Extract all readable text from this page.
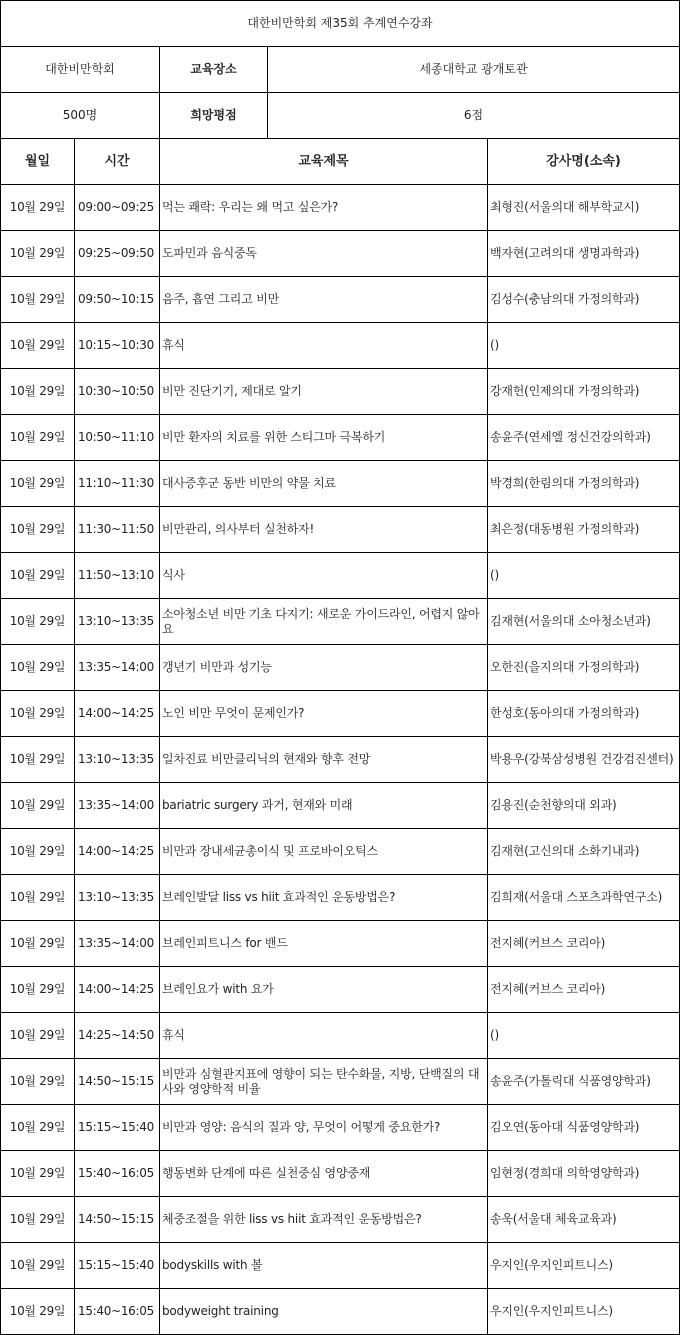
대한비만학회 제35회 추계연수강좌				
대한비만학회		교육장소	세종대학교 광개토관	
500명		희망평점	6점	
월일	시간	교육제목		강사명(소속)
10월 29일	09:00~09:25	먹는 쾌락: 우리는 왜 먹고 싶은가?		최형진(서울의대 해부학교시)
10월 29일	09:25~09:50	도파민과 음식중독		백자현(고려의대 생명과학과)
10월 29일	09:50~10:15	음주, 흡연 그리고 비만		김성수(충남의대 가정의학과)
10월 29일	10:15~10:30	휴식		()
10월 29일	10:30~10:50	비만 진단기기, 제대로 알기		강재헌(인제의대 가정의학과)
10월 29일	10:50~11:10	비만 환자의 치료를 위한 스티그마 극복하기		송윤주(연세엘 정신건강의학과)
10월 29일	11:10~11:30	대사증후군 동반 비만의 약물 치료		박경희(한림의대 가정의학과)
10월 29일	11:30~11:50	비만관리, 의사부터 실천하자!		최은정(대동병원 가정의학과)
10월 29일	11:50~13:10	식사		()
10월 29일	13:10~13:35	소아청소년 비만 기초 다지기: 새로운 가이드라인, 어렵지 않아요		김재현(서울의대 소아청소년과)
10월 29일	13:35~14:00	갱년기 비만과 성기능		오한진(을지의대 가정의학과)
10월 29일	14:00~14:25	노인 비만 무엇이 문제인가?		한성호(동아의대 가정의학과)
10월 29일	13:10~13:35	일차진료 비만클리닉의 현재와 향후 전망		박용우(강북삼성병원 건강검진센터)
10월 29일	13:35~14:00	bariatric surgery 과거, 현재와 미래		김용진(순천향의대 외과)
10월 29일	14:00~14:25	비만과 장내세균총이식 및 프로바이오틱스		김재현(고신의대 소화기내과)
10월 29일	13:10~13:35	브레인발달 liss vs hiit 효과적인 운동방법은?		김희재(서울대 스포츠과학연구소)
10월 29일	13:35~14:00	브레인피트니스 for 밴드		전지혜(커브스 코리아)
10월 29일	14:00~14:25	브레인요가 with 요가		전지혜(커브스 코리아)
10월 29일	14:25~14:50	휴식		()
10월 29일	14:50~15:15	비만과 심혈관지표에 영향이 되는 탄수화물, 지방, 단백질의 대사와 영양학적 비율		송윤주(가톨릭대 식품영양학과)
10월 29일	15:15~15:40	비만과 영양: 음식의 질과 양, 무엇이 어떻게 중요한가?		김오연(동아대 식품영양학과)
10월 29일	15:40~16:05	행동변화 단계에 따른 실천중심 영양중재		임현정(경희대 의학영양학과)
10월 29일	14:50~15:15	체중조절을 위한 liss vs hiit 효과적인 운동방법은?		송욱(서울대 체육교육과)
10월 29일	15:15~15:40	bodyskills with 볼		우지인(우지인피트니스)
10월 29일	15:40~16:05	bodyweight training		우지인(우지인피트니스)
